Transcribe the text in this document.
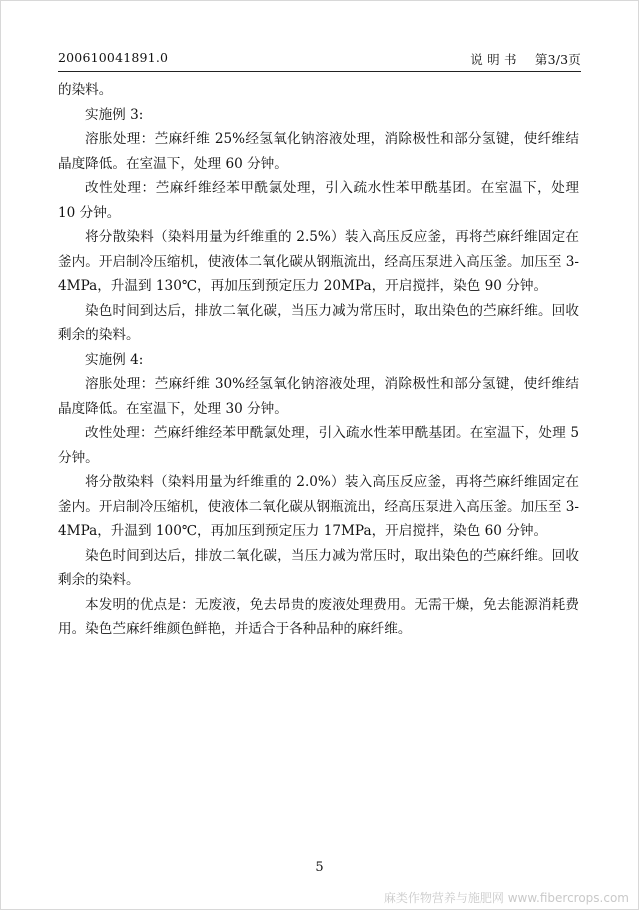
200610041891.0	说 明 书 第3/3页

的染料。

实施例 3:

溶胀处理：苎麻纤维 25%经氢氧化钠溶液处理，消除极性和部分氢键，使纤维结晶度降低。在室温下，处理 60 分钟。

改性处理：苎麻纤维经苯甲酰氯处理，引入疏水性苯甲酰基团。在室温下，处理 10 分钟。

将分散染料（染料用量为纤维重的 2.5%）装入高压反应釜，再将苎麻纤维固定在釜内。开启制冷压缩机，使液体二氧化碳从钢瓶流出，经高压泵进入高压釜。加压至 3-4MPa，升温到 130℃，再加压到预定压力 20MPa，开启搅拌，染色 90 分钟。

染色时间到达后，排放二氧化碳，当压力减为常压时，取出染色的苎麻纤维。回收剩余的染料。

实施例 4:

溶胀处理：苎麻纤维 30%经氢氧化钠溶液处理，消除极性和部分氢键，使纤维结晶度降低。在室温下，处理 30 分钟。

改性处理：苎麻纤维经苯甲酰氯处理，引入疏水性苯甲酰基团。在室温下，处理 5 分钟。

将分散染料（染料用量为纤维重的 2.0%）装入高压反应釜，再将苎麻纤维固定在釜内。开启制冷压缩机，使液体二氧化碳从钢瓶流出，经高压泵进入高压釜。加压至 3-4MPa，升温到 100℃，再加压到预定压力 17MPa，开启搅拌，染色 60 分钟。

染色时间到达后，排放二氧化碳，当压力减为常压时，取出染色的苎麻纤维。回收剩余的染料。

本发明的优点是：无废液，免去昂贵的废液处理费用。无需干燥，免去能源消耗费用。染色苎麻纤维颜色鲜艳，并适合于各种品种的麻纤维。

5
麻类作物营养与施肥网 www.fibercrops.com
